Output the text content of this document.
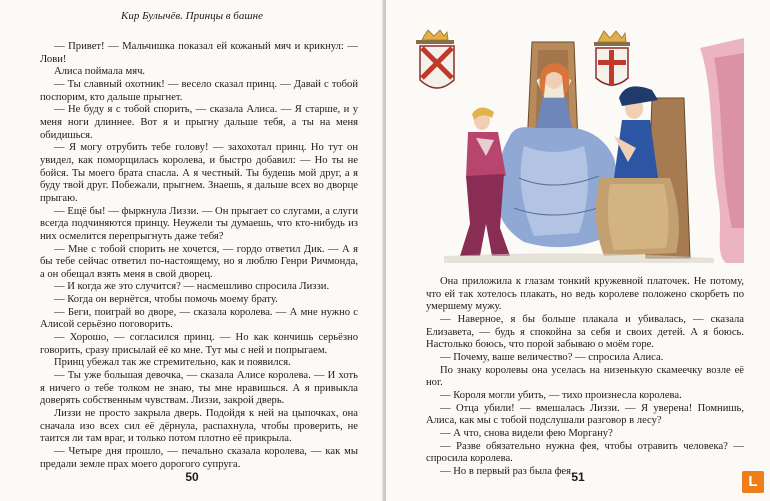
Кир Булычёв. Принцы в башне

— Привет! — Мальчишка показал ей кожаный мяч и крикнул: — Лови!

Алиса поймала мяч.

— Ты славный охотник! — весело сказал принц. — Давай с тобой поспорим, кто дальше прыгнет.

— Не буду я с тобой спорить, — сказала Алиса. — Я старше, и у меня ноги длиннее. Вот я и прыгну дальше тебя, а ты на меня обидишься.

— Я могу отрубить тебе голову! — захохотал принц. Но тут он увидел, как поморщилась королева, и быстро добавил: — Но ты не бойся. Ты моего брата спасла. А я честный. Ты будешь мой друг, а я буду твой друг. Побежали, прыгнем. Знаешь, я дальше всех во дворце прыгаю.

— Ещё бы! — фыркнула Лиззи. — Он прыгает со слугами, а слуги всегда подчиняются принцу. Неужели ты думаешь, что кто-нибудь из них осмелится перепрыгнуть даже тебя?

— Мне с тобой спорить не хочется, — гордо ответил Дик. — А я бы тебе сейчас ответил по-настоящему, но я люблю Генри Ричмонда, а он обещал взять меня в свой дворец.

— И когда же это случится? — насмешливо спросила Лиззи.

— Когда он вернётся, чтобы помочь моему брату.

— Беги, поиграй во дворе, — сказала королева. — А мне нужно с Алисой серьёзно поговорить.

— Хорошо, — согласился принц. — Но как кончишь серьёзно говорить, сразу присылай её ко мне. Тут мы с ней и попрыгаем.

Принц убежал так же стремительно, как и появился.

— Ты уже большая девочка, — сказала Алисе королева. — И хоть я ничего о тебе толком не знаю, ты мне нравишься. А я привыкла доверять собственным чувствам. Лиззи, закрой дверь.

Лиззи не просто закрыла дверь. Подойдя к ней на цыпочках, она сначала изо всех сил её дёрнула, распахнула, чтобы проверить, не таится ли там враг, и только потом плотно её прикрыла.

— Четыре дня прошло, — печально сказала королева, — как мы предали земле прах моего дорогого супруга.

50

Она приложила к глазам тонкий кружевной платочек. Не потому, что ей так хотелось плакать, но ведь королеве положено скорбеть по умершему мужу.

— Наверное, я бы больше плакала и убивалась, — сказала Елизавета, — будь я спокойна за себя и своих детей. А я боюсь. Настолько боюсь, что порой забываю о моём горе.

— Почему, ваше величество? — спросила Алиса.

По знаку королевы она уселась на низенькую скамеечку возле её ног.

— Короля могли убить, — тихо произнесла королева.

— Отца убили! — вмешалась Лиззи. — Я уверена! Помнишь, Алиса, как мы с тобой подслушали разговор в лесу?

— А что, снова видели фею Моргану?

— Разве обязательно нужна фея, чтобы отравить человека? — спросила королева.

— Но в первый раз была фея.

51	L
